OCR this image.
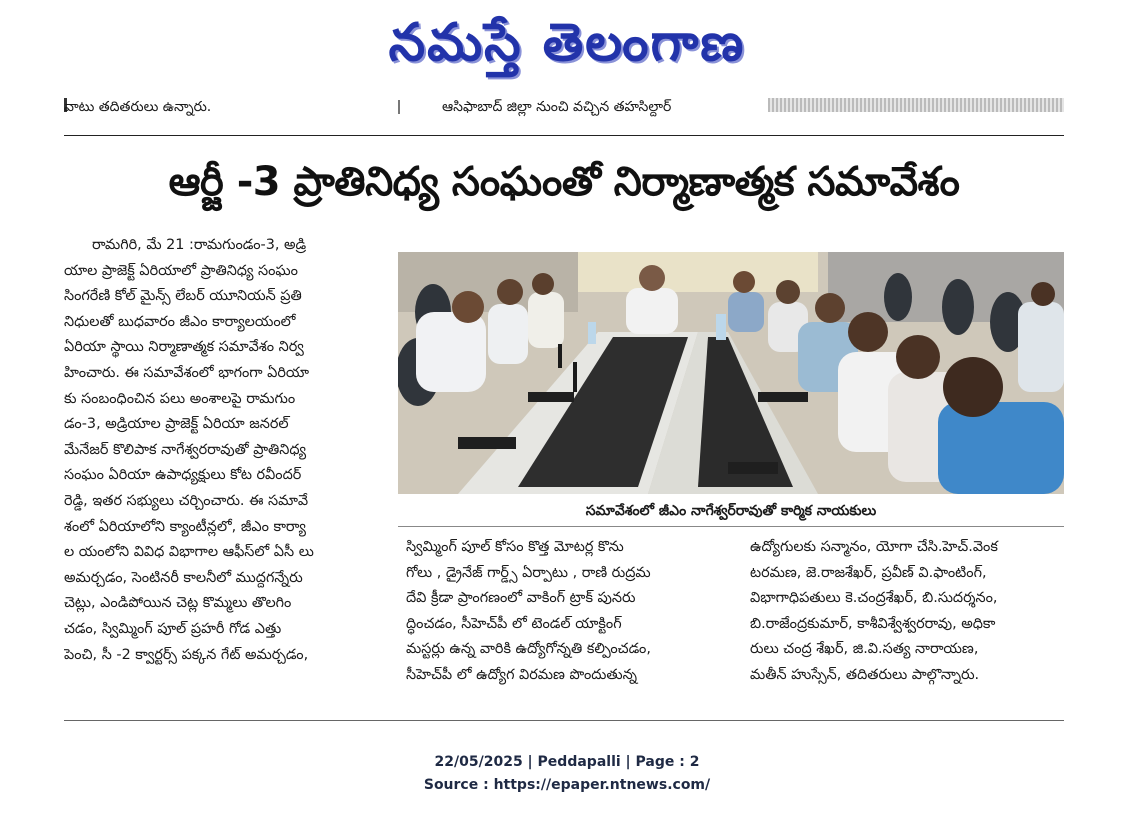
నమస్తే తెలంగాణ
వాటు తదితరులు ఉన్నారు.	ఆసిఫాబాద్ జిల్లా నుంచి వచ్చిన తహసిల్దార్
ఆర్జీ -3 ప్రాతినిధ్య సంఘంతో నిర్మాణాత్మక సమావేశం

రామగిరి, మే 21 :రామగుండం-3, అడ్రి

యాల ప్రాజెక్ట్ ఏరియాలో ప్రాతినిధ్య సంఘం

సింగరేణి కోల్ మైన్స్ లేబర్ యూనియన్ ప్రతి

నిధులతో బుధవారం జీఎం కార్యాలయంలో

ఏరియా స్థాయి నిర్మాణాత్మక సమావేశం నిర్వ

హించారు. ఈ సమావేశంలో భాగంగా ఏరియా

కు సంబంధించిన పలు అంశాలపై రామగుం

డం-3, అడ్రియాల ప్రాజెక్ట్ ఏరియా జనరల్

మేనేజర్ కొలిపాక నాగేశ్వరరావుతో ప్రాతినిధ్య

సంఘం ఏరియా ఉపాధ్యక్షులు కోట రవీందర్

రెడ్డి, ఇతర సభ్యులు చర్చించారు. ఈ సమావే

శంలో ఏరియాలోని క్యాంటీన్లలో, జీఎం కార్యా

ల యంలోని వివిధ విభాగాల ఆఫీస్‌లో ఏసీ లు

అమర్చడం, సెంటినరీ కాలనీలో ముద్దగన్నేరు

చెట్లు, ఎండిపోయిన చెట్ల కొమ్మలు తొలగిం

చడం, స్విమ్మింగ్ పూల్ ప్రహరీ గోడ ఎత్తు

పెంచి, సీ -2 క్వార్టర్స్ పక్కన గేట్ అమర్చడం,

సమావేశంలో జీఎం నాగేశ్వర్‌రావుతో కార్మిక నాయకులు

స్విమ్మింగ్ పూల్ కోసం కొత్త మోటర్ల కొను

గోలు , డ్రైనేజ్ గార్డ్స్ ఏర్పాటు , రాణి రుద్రమ

దేవి క్రీడా ప్రాంగణంలో వాకింగ్ ట్రాక్ పునరు

ద్ధించడం, సీహెచ్‌పీ లో టెండల్ యాక్టింగ్

మస్టర్లు ఉన్న వారికి ఉద్యోగోన్నతి కల్పించడం,

సీహెచ్‌పీ లో ఉద్యోగ విరమణ పొందుతున్న

ఉద్యోగులకు సన్మానం, యోగా చేసి.హెచ్.వెంక

టరమణ, జె.రాజశేఖర్, ప్రవీణ్ వి.ఫాంటింగ్,

విభాగాధిపతులు కె.చంద్రశేఖర్, బి.సుదర్శనం,

బి.రాజేంద్రకుమార్, కాశీవిశ్వేశ్వరరావు, అధికా

రులు చంద్ర శేఖర్, జి.వి.సత్య నారాయణ,

మతీన్ హుస్సేన్, తదితరులు పాల్గొన్నారు.

22/05/2025 | Peddapalli | Page : 2
Source : https://epaper.ntnews.com/
